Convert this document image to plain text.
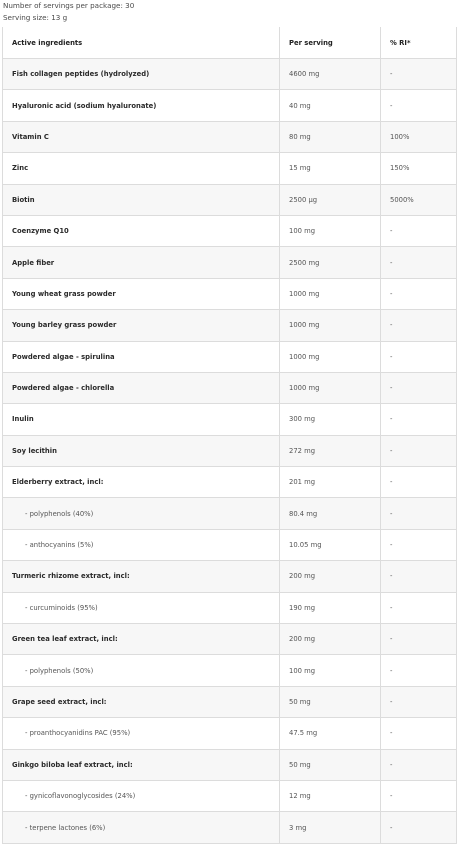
Number of servings per package: 30
Serving size: 13 g
Active ingredients	Per serving	% RI*
Fish collagen peptides (hydrolyzed)	4600 mg	-
Hyaluronic acid (sodium hyaluronate)	40 mg	-
Vitamin C	80 mg	100%
Zinc	15 mg	150%
Biotin	2500 µg	5000%
Coenzyme Q10	100 mg	-
Apple fiber	2500 mg	-
Young wheat grass powder	1000 mg	-
Young barley grass powder	1000 mg	-
Powdered algae - spirulina	1000 mg	-
Powdered algae - chlorella	1000 mg	-
Inulin	300 mg	-
Soy lecithin	272 mg	-
Elderberry extract, incl:	201 mg	-
- polyphenols (40%)	80.4 mg	-
- anthocyanins (5%)	10.05 mg	-
Turmeric rhizome extract, incl:	200 mg	-
- curcuminoids (95%)	190 mg	-
Green tea leaf extract, incl:	200 mg	-
- polyphenols (50%)	100 mg	-
Grape seed extract, incl:	50 mg	-
- proanthocyanidins PAC (95%)	47.5 mg	-
Ginkgo biloba leaf extract, incl:	50 mg	-
- gynicoflavonoglycosides (24%)	12 mg	-
- terpene lactones (6%)	3 mg	-
